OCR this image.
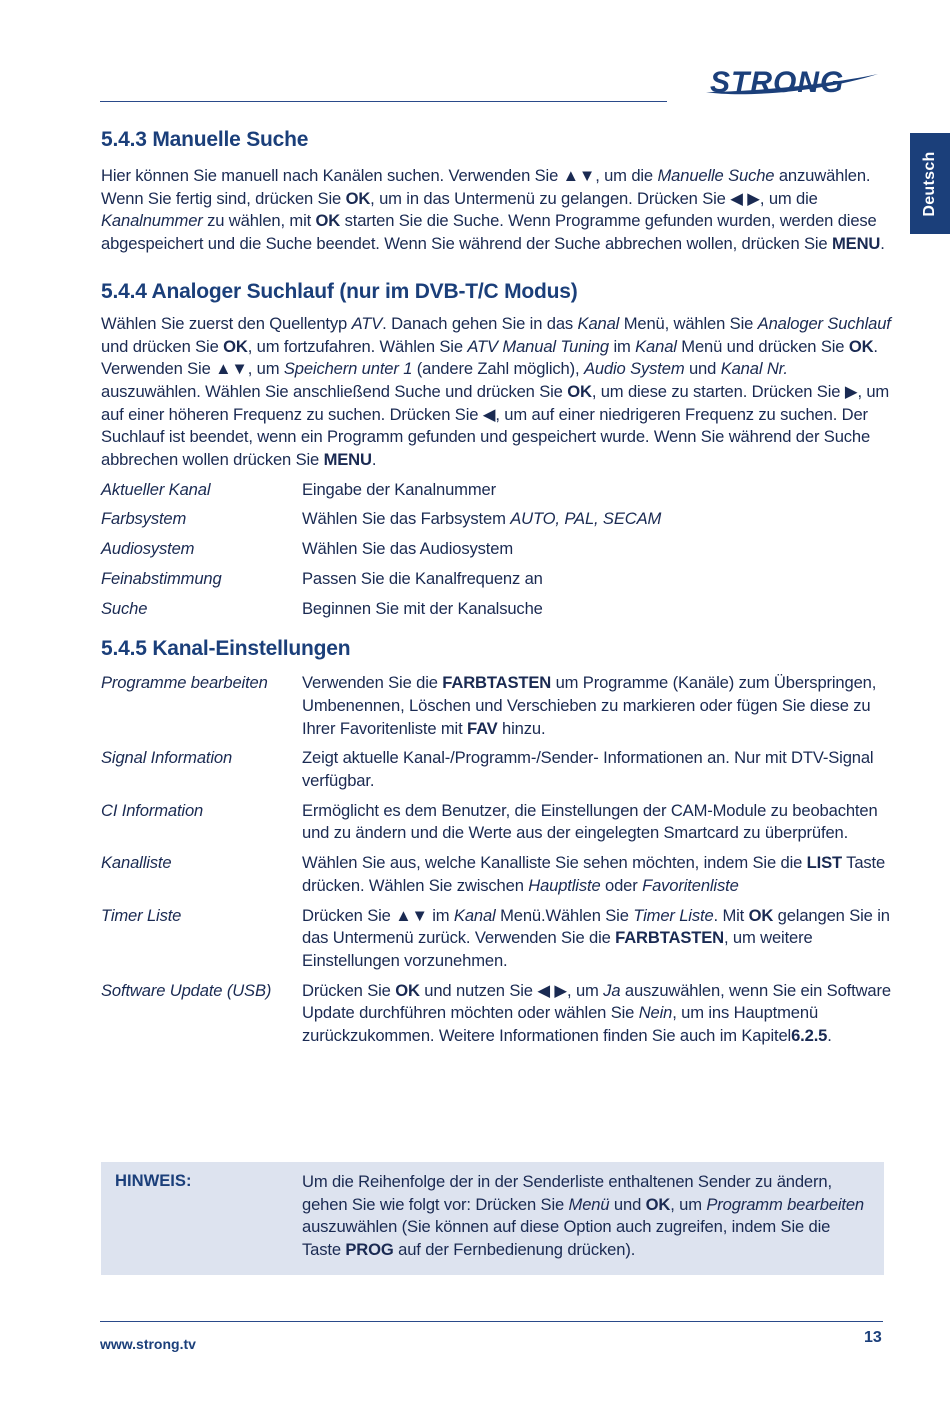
STRONG
Deutsch
5.4.3 Manuelle Suche

Hier können Sie manuell nach Kanälen suchen. Verwenden Sie ▲▼, um die Manuelle Suche anzuwählen. Wenn Sie fertig sind, drücken Sie OK, um in das Untermenü zu gelangen. Drücken Sie ◀ ▶, um die Kanalnummer zu wählen, mit OK starten Sie die Suche. Wenn Programme gefunden wurden, werden diese abgespeichert und die Suche beendet. Wenn Sie während der Suche abbrechen wollen, drücken Sie MENU.

5.4.4 Analoger Suchlauf (nur im DVB-T/C Modus)

Wählen Sie zuerst den Quellentyp ATV. Danach gehen Sie in das Kanal Menü, wählen Sie Analoger Suchlauf und drücken Sie OK, um fortzufahren. Wählen Sie ATV Manual Tuning im Kanal Menü und drücken Sie OK. Verwenden Sie ▲▼, um Speichern unter 1 (andere Zahl möglich), Audio System und Kanal Nr. auszuwählen. Wählen Sie anschließend Suche und drücken Sie OK, um diese zu starten. Drücken Sie ▶, um auf einer höheren Frequenz zu suchen. Drücken Sie ◀, um auf einer niedrigeren Frequenz zu suchen. Der Suchlauf ist beendet, wenn ein Programm gefunden und gespeichert wurde. Wenn Sie während der Suche abbrechen wollen drücken Sie MENU.

Aktueller Kanal	Eingabe der Kanalnummer
Farbsystem	Wählen Sie das Farbsystem AUTO, PAL, SECAM
Audiosystem	Wählen Sie das Audiosystem
Feinabstimmung	Passen Sie die Kanalfrequenz an
Suche	Beginnen Sie mit der Kanalsuche
5.4.5 Kanal-Einstellungen
Programme bearbeiten	Verwenden Sie die FARBTASTEN um Programme (Kanäle) zum Überspringen, Umbenennen, Löschen und Verschieben zu markieren oder fügen Sie diese zu Ihrer Favoritenliste mit FAV hinzu.
Signal Information	Zeigt aktuelle Kanal-/Programm-/Sender- Informationen an. Nur mit DTV-Signal verfügbar.
CI Information	Ermöglicht es dem Benutzer, die Einstellungen der CAM-Module zu beobachten und zu ändern und die Werte aus der eingelegten Smartcard zu überprüfen.
Kanalliste	Wählen Sie aus, welche Kanalliste Sie sehen möchten, indem Sie die LIST Taste drücken. Wählen Sie zwischen Hauptliste oder Favoritenliste
Timer Liste	Drücken Sie ▲▼ im Kanal Menü.Wählen Sie Timer Liste. Mit OK gelangen Sie in das Untermenü zurück. Verwenden Sie die FARBTASTEN, um weitere Einstellungen vorzunehmen.
Software Update (USB)	Drücken Sie OK und nutzen Sie ◀ ▶, um Ja auszuwählen, wenn Sie ein Software Update durchführen möchten oder wählen Sie Nein, um ins Hauptmenü zurückzukommen. Weitere Informationen finden Sie auch im Kapitel6.2.5.
HINWEIS:	Um die Reihenfolge der in der Senderliste enthaltenen Sender zu ändern, gehen Sie wie folgt vor: Drücken Sie Menü und OK, um Programm bearbeiten auszuwählen (Sie können auf diese Option auch zugreifen, indem Sie die Taste PROG auf der Fernbedienung drücken).
www.strong.tv	13
